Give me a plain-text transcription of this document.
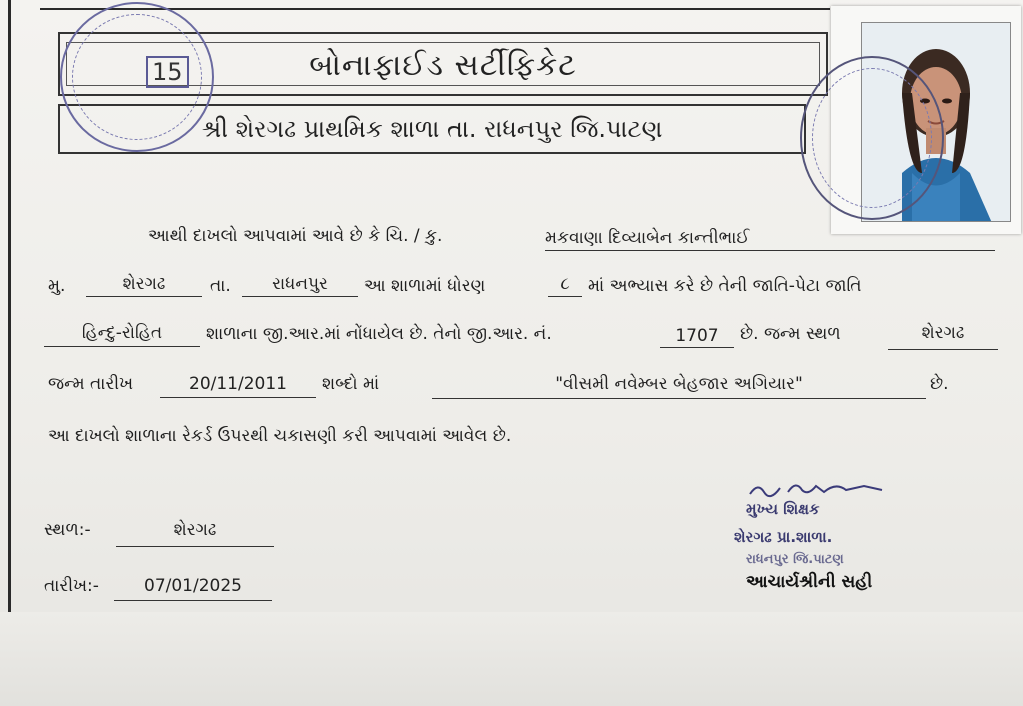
બોનાફાઈડ સર્ટીફિકેટ
શ્રી શેરગઢ પ્રાથમિક શાળા તા. રાધનપુર જિ.પાટણ
15
આથી દાખલો આપવામાં આવે છે કે ચિ. / કુ.	મકવાણા દિવ્યાબેન કાન્તીભાઈ
મુ.	શેરગઢ	તા.	રાધનપુર	આ શાળામાં ધોરણ	૮	માં અભ્યાસ કરે છે તેની જાતિ-પેટા જાતિ
હિન્દુ-રોહિત	શાળાના જી.આર.માં નોંધાયેલ છે. તેનો જી.આર. નં.	1707	છે. જન્મ સ્થળ	શેરગઢ
જન્મ તારીખ	20/11/2011	શબ્દો માં	"વીસમી નવેમ્બર બેહજાર અગિયાર"	છે.
આ દાખલો શાળાના રેકર્ડ ઉપરથી ચકાસણી કરી આપવામાં આવેલ છે.
સ્થળ:-	શેરગઢ
તારીખ:-	07/01/2025
મુખ્ય શિક્ષક
શેરગઢ પ્રા.શાળા.
રાધનપુર જિ.પાટણ
આચાર્યશ્રીની સહી
